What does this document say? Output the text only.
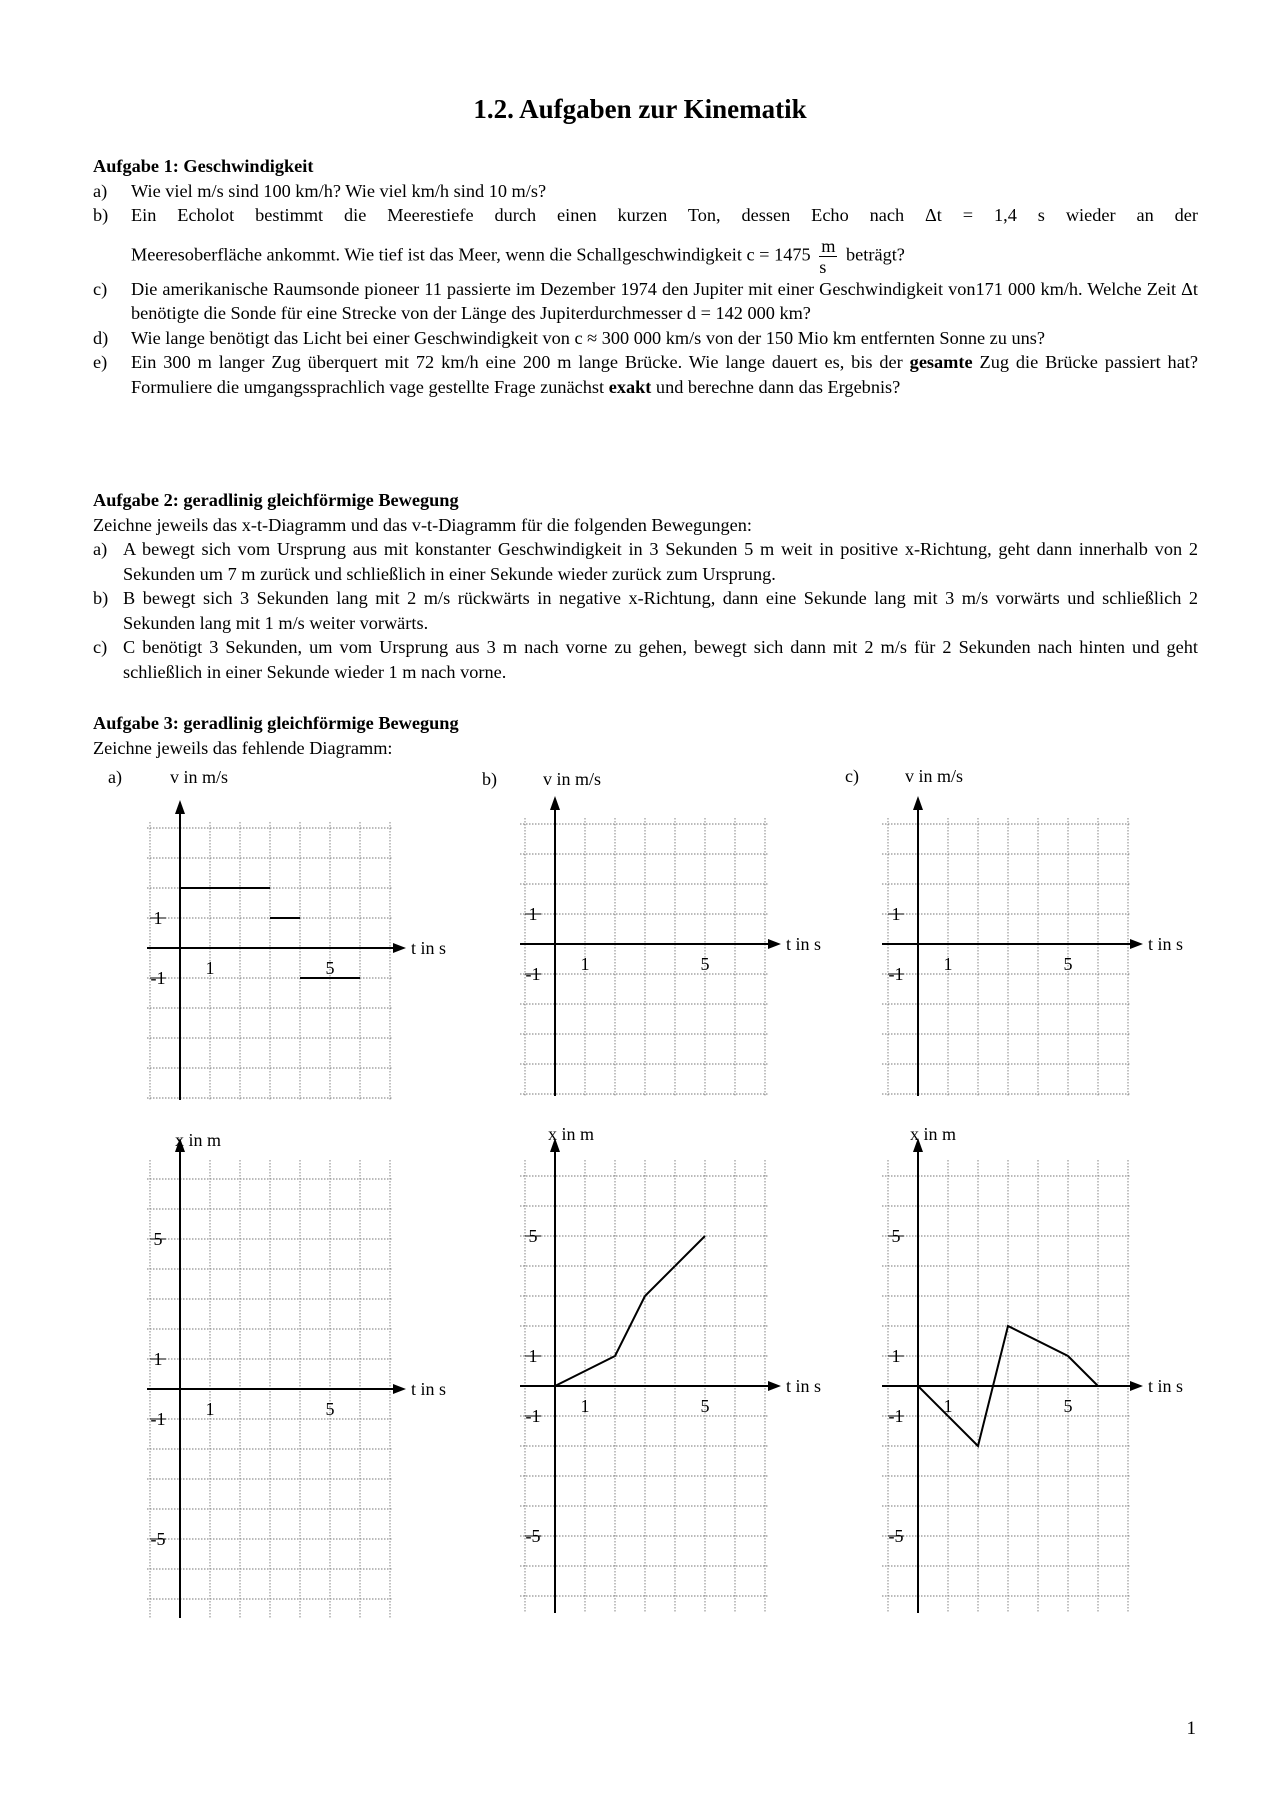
1.2. Aufgaben zur Kinematik
Aufgabe 1: Geschwindigkeit
a) Wie viel m/s sind 100 km/h? Wie viel km/h sind 10 m/s?

b) Ein Echolot bestimmt die Meerestiefe durch einen kurzen Ton, dessen Echo nach Δt = 1,4 s wieder an der

Meeresoberfläche ankommt. Wie tief ist das Meer, wenn die Schallgeschwindigkeit $c = 1475 \frac{m}{s}$ beträgt?

c) Die amerikanische Raumsonde pioneer 11 passierte im Dezember 1974 den Jupiter mit einer Geschwindigkeit von171 000 km/h. Welche Zeit Δt benötigte die Sonde für eine Strecke von der Länge des Jupiterdurchmesser d = 142 000 km?

d) Wie lange benötigt das Licht bei einer Geschwindigkeit von c ≈ 300 000 km/s von der 150 Mio km entfernten Sonne zu uns?

e) Ein 300 m langer Zug überquert mit 72 km/h eine 200 m lange Brücke. Wie lange dauert es, bis der gesamte Zug die Brücke passiert hat? Formuliere die umgangssprachlich vage gestellte Frage zunächst exakt und berechne dann das Ergebnis?

Aufgabe 2: geradlinig gleichförmige Bewegung
Zeichne jeweils das x-t-Diagramm und das v-t-Diagramm für die folgenden Bewegungen:
a) A bewegt sich vom Ursprung aus mit konstanter Geschwindigkeit in 3 Sekunden 5 m weit in positive x-Richtung, geht dann innerhalb von 2 Sekunden um 7 m zurück und schließlich in einer Sekunde wieder zurück zum Ursprung.

b) B bewegt sich 3 Sekunden lang mit 2 m/s rückwärts in negative x-Richtung, dann eine Sekunde lang mit 3 m/s vorwärts und schließlich 2 Sekunden lang mit 1 m/s weiter vorwärts.

c) C benötigt 3 Sekunden, um vom Ursprung aus 3 m nach vorne zu gehen, bewegt sich dann mit 2 m/s für 2 Sekunden nach hinten und geht schließlich in einer Sekunde wieder 1 m nach vorne.

Aufgabe 3: geradlinig gleichförmige Bewegung
Zeichne jeweils das fehlende Diagramm:
t in s
1	5
1
-1
a)	v in m/s
t in s
1	5
1
-1
b)	v in m/s
t in s
1	5
1
-1
c)	v in m/s
t in s
1	5
5
1
-1
-5
x in m
t in s
1	5
5
1
-1
-5
x in m
t in s
1	5
5
1
-1
-5
x in m
1
